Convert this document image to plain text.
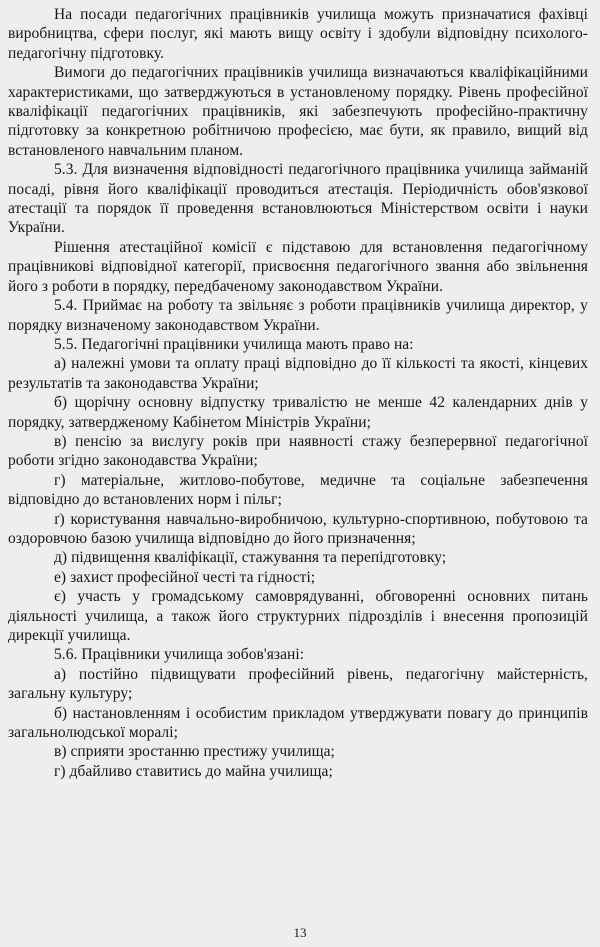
На посади педагогічних працівників училища можуть призначатися фахівці виробництва, сфери послуг, які мають вищу освіту і здобули відповідну психолого-педагогічну підготовку.

Вимоги до педагогічних працівників училища визначаються кваліфікаційними характеристиками, що затверджуються в установленому порядку. Рівень професійної кваліфікації педагогічних працівників, які забезпечують професійно-практичну підготовку за конкретною робітничою професією, має бути, як правило, вищий від встановленого навчальним планом.

5.3. Для визначення відповідності педагогічного працівника училища займаній посаді, рівня його кваліфікації проводиться атестація. Періодичність обов'язкової атестації та порядок її проведення встановлюються Міністерством освіти і науки України.

Рішення атестаційної комісії є підставою для встановлення педагогічному працівникові відповідної категорії, присвоєння педагогічного звання або звільнення його з роботи в порядку, передбаченому законодавством України.

5.4. Приймає на роботу та звільняє з роботи працівників училища директор, у порядку визначеному законодавством України.

5.5. Педагогічні працівники училища мають право на:

а) належні умови та оплату праці відповідно до її кількості та якості, кінцевих результатів та законодавства України;

б) щорічну основну відпустку тривалістю не менше 42 календарних днів у порядку, затвердженому Кабінетом Міністрів України;

в) пенсію за вислугу років при наявності стажу безперервної педагогічної роботи згідно законодавства України;

г) матеріальне, житлово-побутове, медичне та соціальне забезпечення відповідно до встановлених норм і пільг;

ґ) користування навчально-виробничою, культурно-спортивною, побутовою та оздоровчою базою училища відповідно до його призначення;

д) підвищення кваліфікації, стажування та перепідготовку;

е) захист професійної честі та гідності;

є) участь у громадському самоврядуванні, обговоренні основних питань діяльності училища, а також його структурних підрозділів і внесення пропозицій дирекції училища.

5.6. Працівники училища зобов'язані:

а) постійно підвищувати професійний рівень, педагогічну майстерність, загальну культуру;

б) настановленням і особистим прикладом утверджувати повагу до принципів загальнолюдської моралі;

в) сприяти зростанню престижу училища;

г) дбайливо ставитись до майна училища;

13
